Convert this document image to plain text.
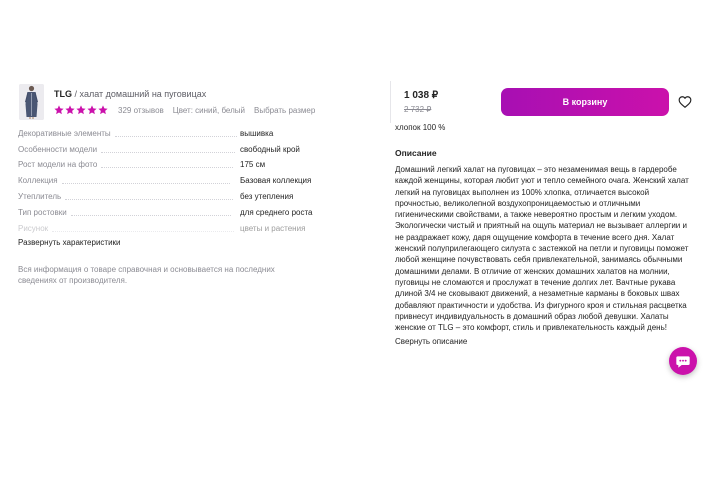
Декоративные элементы	вышивка
Особенности модели	свободный крой
Рост модели на фото	175 см
Коллекция	Базовая коллекция
Утеплитель	без утепления
Тип ростовки	для среднего роста
Рисунок	цветы и растения
Развернуть характеристики

Вся информация о товаре справочная и основывается на последних сведениях от производителя.

хлопок 100 %
Описание

Домашний легкий халат на пуговицах – это незаменимая вещь в гардеробе каждой женщины, которая любит уют и тепло семейного очага. Женский халат легкий на пуговицах выполнен из 100% хлопка, отличается высокой прочностью, великолепной воздухопроницаемостью и отличными гигиеническими свойствами, а также невероятно простым и легким уходом. Экологически чистый и приятный на ощупь материал не вызывает аллергии и не раздражает кожу, даря ощущение комфорта в течение всего дня. Халат женский полуприлегающего силуэта с застежкой на петли и пуговицы поможет любой женщине почувствовать себя привлекательной, занимаясь обычными домашними делами. В отличие от женских домашних халатов на молнии, пуговицы не сломаются и прослужат в течение долгих лет. Вачтные рукава длиной 3/4 не сковывают движений, а незаметные карманы в боковых швах добавляют практичности и удобства. Из фигурного кроя и стильная расцветка привнесут индивидуальность в домашний образ любой девушки. Халаты женские от TLG – это комфорт, стиль и привлекательность каждый день!

Свернуть описание
TLG / халат домашний на пуговицах
329 отзывов Цвет: синий, белый Выбрать размер
1 038 ₽
2 732 ₽
В корзину
